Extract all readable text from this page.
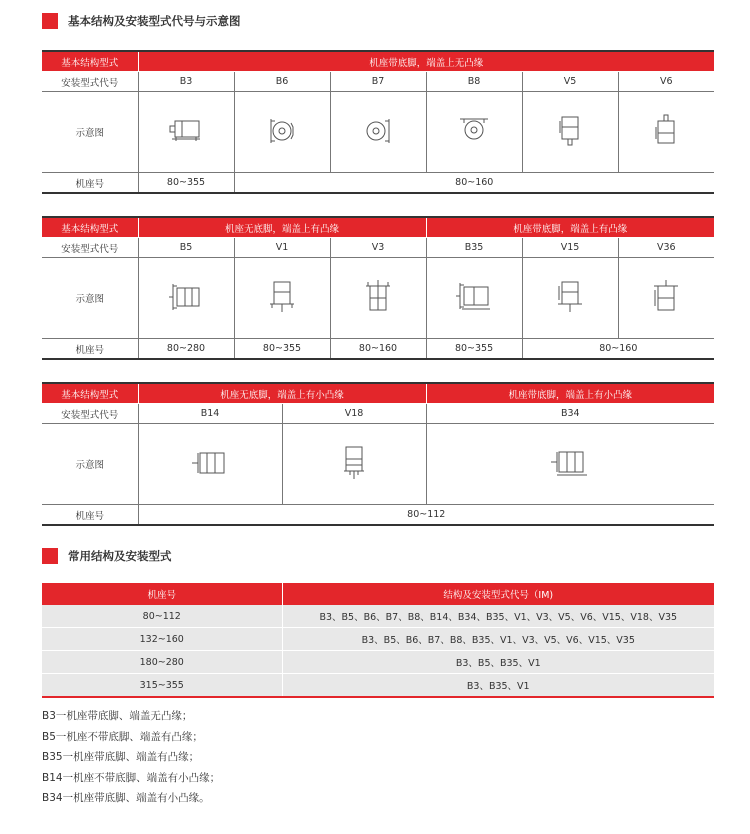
基本结构及安装型式代号与示意图
基本结构型式	机座带底脚，端盖上无凸缘					
安装型式代号	B3	B6	B7	B8	V5	V6
示意图						
机座号	80~355	80~160				
基本结构型式	机座无底脚，端盖上有凸缘			机座带底脚，端盖上有凸缘		
安装型式代号	B5	V1	V3	B35	V15	V36
示意图						
机座号	80~280	80~355	80~160	80~355	80~160	
基本结构型式	机座无底脚，端盖上有小凸缘		机座带底脚，端盖上有小凸缘
安装型式代号	B14	V18	B34
示意图			
机座号	80~112		
常用结构及安装型式
机座号	结构及安装型式代号（IM)
80~112	B3、B5、B6、B7、B8、B14、B34、B35、V1、V3、V5、V6、V15、V18、V35
132~160	B3、B5、B6、B7、B8、B35、V1、V3、V5、V6、V15、V35
180~280	B3、B5、B35、V1
315~355	B3、B35、V1
B3一机座带底脚、端盖无凸缘；
B5一机座不带底脚、端盖有凸缘；
B35一机座带底脚、端盖有凸缘；
B14一机座不带底脚、端盖有小凸缘；
B34一机座带底脚、端盖有小凸缘。
